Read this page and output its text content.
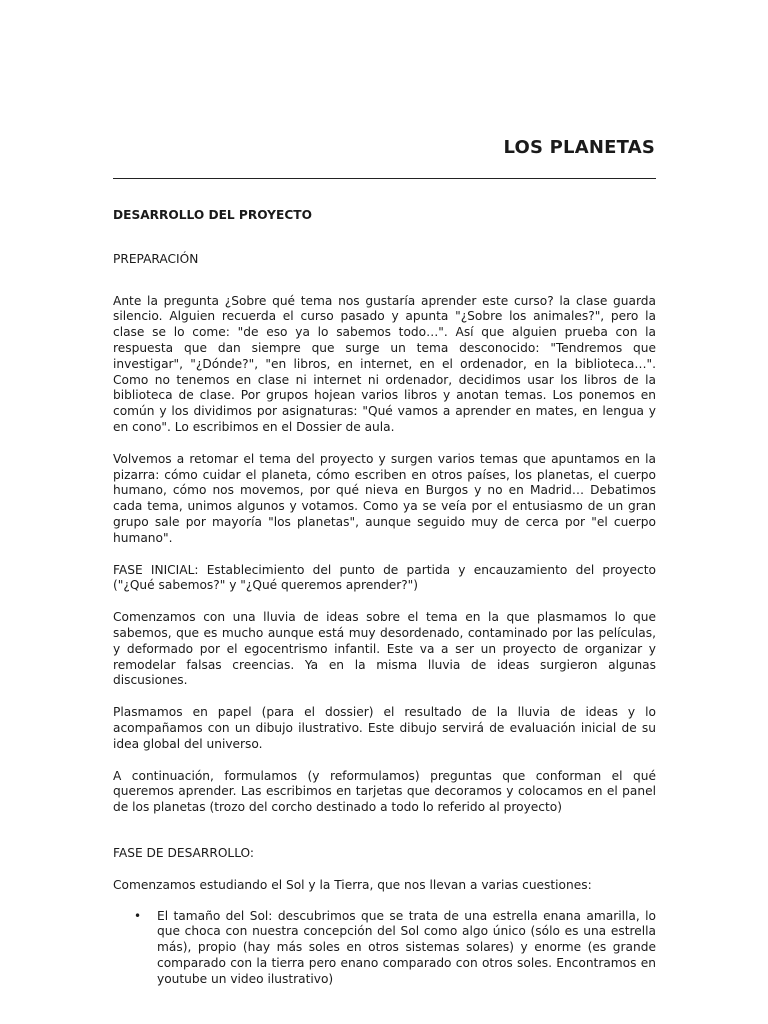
LOS PLANETAS
DESARROLLO DEL PROYECTO
PREPARACIÓN

Ante la pregunta ¿Sobre qué tema nos gustaría aprender este curso? la clase guarda silencio. Alguien recuerda el curso pasado y apunta "¿Sobre los animales?", pero la clase se lo come: "de eso ya lo sabemos todo…". Así que alguien prueba con la respuesta que dan siempre que surge un tema desconocido: "Tendremos que investigar", "¿Dónde?", "en libros, en internet, en el ordenador, en la biblioteca…". Como no tenemos en clase ni internet ni ordenador, decidimos usar los libros de la biblioteca de clase. Por grupos hojean varios libros y anotan temas. Los ponemos en común y los dividimos por asignaturas: "Qué vamos a aprender en mates, en lengua y en cono". Lo escribimos en el Dossier de aula.

Volvemos a retomar el tema del proyecto y surgen varios temas que apuntamos en la pizarra: cómo cuidar el planeta, cómo escriben en otros países, los planetas, el cuerpo humano, cómo nos movemos, por qué nieva en Burgos y no en Madrid… Debatimos cada tema, unimos algunos y votamos. Como ya se veía por el entusiasmo de un gran grupo sale por mayoría "los planetas", aunque seguido muy de cerca por "el cuerpo humano".

FASE INICIAL: Establecimiento del punto de partida y encauzamiento del proyecto ("¿Qué sabemos?" y "¿Qué queremos aprender?")

Comenzamos con una lluvia de ideas sobre el tema en la que plasmamos lo que sabemos, que es mucho aunque está muy desordenado, contaminado por las películas, y deformado por el egocentrismo infantil. Este va a ser un proyecto de organizar y remodelar falsas creencias. Ya en la misma lluvia de ideas surgieron algunas discusiones.

Plasmamos en papel (para el dossier) el resultado de la lluvia de ideas y lo acompañamos con un dibujo ilustrativo. Este dibujo servirá de evaluación inicial de su idea global del universo.

A continuación, formulamos (y reformulamos) preguntas que conforman el qué queremos aprender. Las escribimos en tarjetas que decoramos y colocamos en el panel de los planetas (trozo del corcho destinado a todo lo referido al proyecto)

FASE DE DESARROLLO:

Comenzamos estudiando el Sol y la Tierra, que nos llevan a varias cuestiones:

• El tamaño del Sol: descubrimos que se trata de una estrella enana amarilla, lo que choca con nuestra concepción del Sol como algo único (sólo es una estrella más), propio (hay más soles en otros sistemas solares) y enorme (es grande comparado con la tierra pero enano comparado con otros soles. Encontramos en youtube un video ilustrativo)
